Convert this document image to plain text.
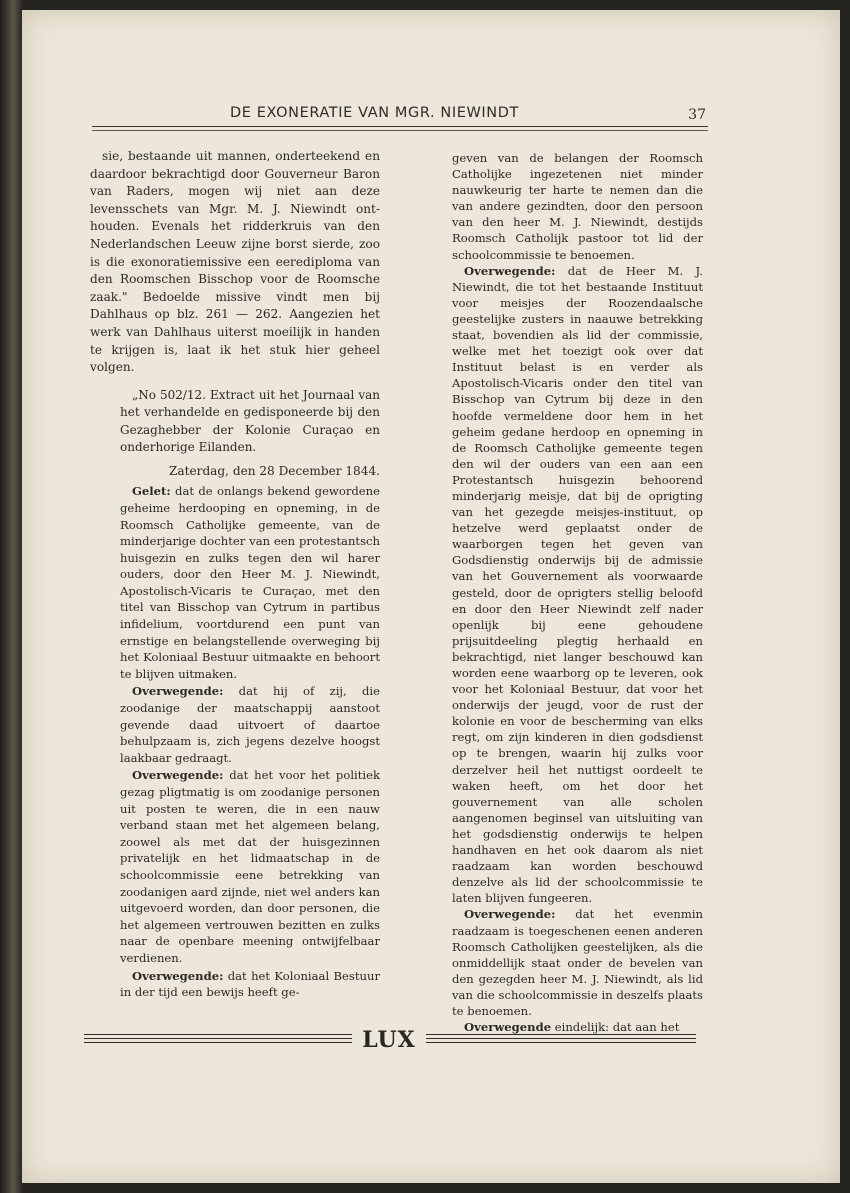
DE EXONERATIE VAN MGR. NIEWINDT	37

sie, bestaande uit mannen, onderteekend en daardoor bekrachtigd door Gouverneur Baron van Raders, mogen wij niet aan deze levensschets van Mgr. M. J. Niewindt ont-houden. Evenals het ridderkruis van den Nederlandschen Leeuw zijne borst sierde, zoo is die exonoratiemissive een eerediploma van den Roomschen Bisschop voor de Roomsche zaak." Bedoelde missive vindt men bij Dahlhaus op blz. 261 — 262. Aangezien het werk van Dahlhaus uiterst moeilijk in handen te krijgen is, laat ik het stuk hier geheel volgen.

„No 502/12. Extract uit het Journaal van het verhandelde en gedisponeerde bij den Gezaghebber der Kolonie Curaçao en onderhorige Eilanden.

Zaterdag, den 28 December 1844.

Gelet: dat de onlangs bekend gewordene geheime herdooping en opneming, in de Roomsch Catholijke gemeente, van de minderjarige dochter van een protestantsch huisgezin en zulks tegen den wil harer ouders, door den Heer M. J. Niewindt, Apostolisch-Vicaris te Curaçao, met den titel van Bisschop van Cytrum in partibus infidelium, voortdurend een punt van ernstige en belangstellende overweging bij het Koloniaal Bestuur uitmaakte en behoort te blijven uitmaken.

Overwegende: dat hij of zij, die zoodanige der maatschappij aanstoot gevende daad uitvoert of daartoe behulpzaam is, zich jegens dezelve hoogst laakbaar gedraagt.

Overwegende: dat het voor het politiek gezag pligtmatig is om zoodanige personen uit posten te weren, die in een nauw verband staan met het algemeen belang, zoowel als met dat der huisgezinnen privatelijk en het lidmaatschap in de schoolcommissie eene betrekking van zoodanigen aard zijnde, niet wel anders kan uitgevoerd worden, dan door personen, die het algemeen vertrouwen bezitten en zulks naar de openbare meening ontwijfelbaar verdienen.

Overwegende: dat het Koloniaal Bestuur in der tijd een bewijs heeft ge-

geven van de belangen der Roomsch Catholijke ingezetenen niet minder nauwkeurig ter harte te nemen dan die van andere gezindten, door den persoon van den heer M. J. Niewindt, destijds Roomsch Catholijk pastoor tot lid der schoolcommissie te benoemen.

Overwegende: dat de Heer M. J. Niewindt, die tot het bestaande Instituut voor meisjes der Roozendaalsche geestelijke zusters in naauwe betrekking staat, bovendien als lid der commissie, welke met het toezigt ook over dat Instituut belast is en verder als Apostolisch-Vicaris onder den titel van Bisschop van Cytrum bij deze in den hoofde vermeldene door hem in het geheim gedane herdoop en opneming in de Roomsch Catholijke gemeente tegen den wil der ouders van een aan een Protestantsch huisgezin behoorend minderjarig meisje, dat bij de oprigting van het gezegde meisjes-instituut, op hetzelve werd geplaatst onder de waarborgen tegen het geven van Godsdienstig onderwijs bij de admissie van het Gouvernement als voorwaarde gesteld, door de oprigters stellig beloofd en door den Heer Niewindt zelf nader openlijk bij eene gehoudene prijsuitdeeling plegtig herhaald en bekrachtigd, niet langer beschouwd kan worden eene waarborg op te leveren, ook voor het Koloniaal Bestuur, dat voor het onderwijs der jeugd, voor de rust der kolonie en voor de bescherming van elks regt, om zijn kinderen in dien godsdienst op te brengen, waarin hij zulks voor derzelver heil het nuttigst oordeelt te waken heeft, om het door het gouvernement van alle scholen aangenomen beginsel van uitsluiting van het godsdienstig onderwijs te helpen handhaven en het ook daarom als niet raadzaam kan worden beschouwd denzelve als lid der schoolcommissie te laten blijven fungeeren.

Overwegende: dat het evenmin raadzaam is toegeschenen eenen anderen Roomsch Catholijken geestelijken, als die onmiddellijk staat onder de bevelen van den gezegden heer M. J. Niewindt, als lid van die schoolcommissie in deszelfs plaats te benoemen.

Overwegende eindelijk: dat aan het

LUX
